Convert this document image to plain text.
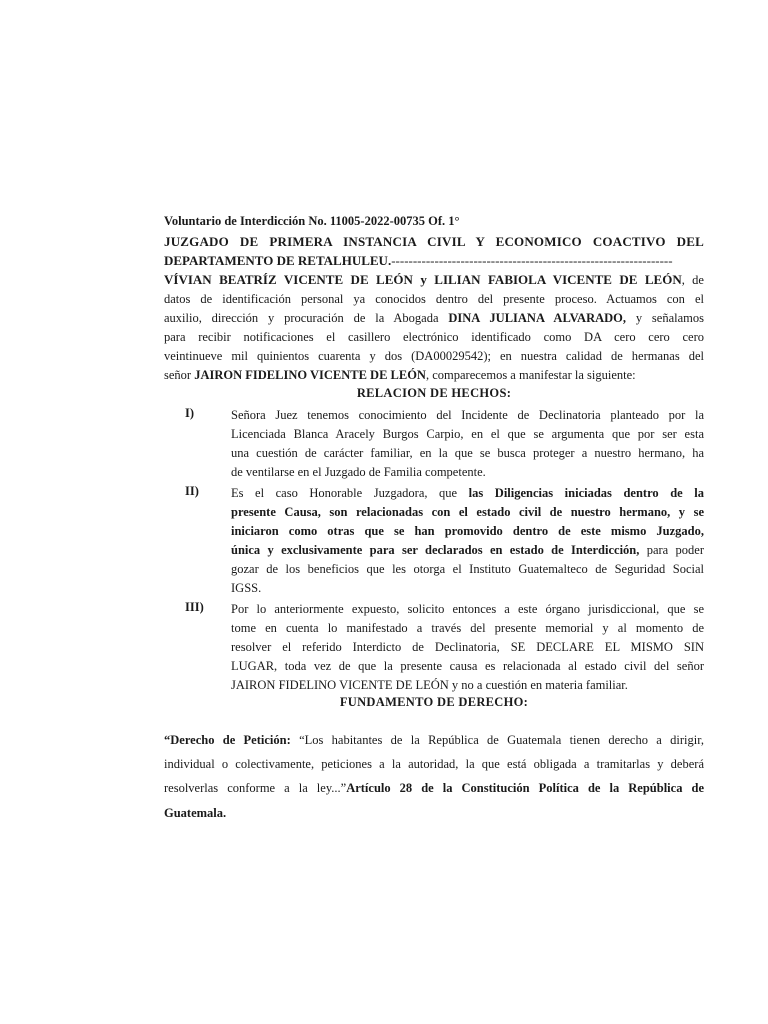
Voluntario de Interdicción No. 11005-2022-00735 Of. 1°
JUZGADO DE PRIMERA INSTANCIA CIVIL Y ECONOMICO COACTIVO DEL
DEPARTAMENTO DE RETALHULEU.-----------------------------------------------------------------
VÍVIAN BEATRÍZ VICENTE DE LEÓN y LILIAN FABIOLA VICENTE DE LEÓN, de
datos de identificación personal ya conocidos dentro del presente proceso. Actuamos con el
auxilio, dirección y procuración de la Abogada DINA JULIANA ALVARADO, y señalamos
para recibir notificaciones el casillero electrónico identificado como DA cero cero cero
veintinueve mil quinientos cuarenta y dos (DA00029542); en nuestra calidad de hermanas del
señor JAIRON FIDELINO VICENTE DE LEÓN, comparecemos a manifestar la siguiente:
RELACION DE HECHOS:
I)	Señora Juez tenemos conocimiento del Incidente de Declinatoria planteado por la
Licenciada Blanca Aracely Burgos Carpio, en el que se argumenta que por ser esta
una cuestión de carácter familiar, en la que se busca proteger a nuestro hermano, ha
de ventilarse en el Juzgado de Familia competente.
II)	Es el caso Honorable Juzgadora, que las Diligencias iniciadas dentro de la
presente Causa, son relacionadas con el estado civil de nuestro hermano, y se
iniciaron como otras que se han promovido dentro de este mismo Juzgado,
única y exclusivamente para ser declarados en estado de Interdicción, para poder
gozar de los beneficios que les otorga el Instituto Guatemalteco de Seguridad Social
IGSS.
III) Por lo anteriormente expuesto, solicito entonces a este órgano jurisdiccional, que se
tome en cuenta lo manifestado a través del presente memorial y al momento de
resolver el referido Interdicto de Declinatoria, SE DECLARE EL MISMO SIN
LUGAR, toda vez de que la presente causa es relacionada al estado civil del señor
JAIRON FIDELINO VICENTE DE LEÓN y no a cuestión en materia familiar.
FUNDAMENTO DE DERECHO:
“Derecho de Petición: “Los habitantes de la República de Guatemala tienen derecho a dirigir,
individual o colectivamente, peticiones a la autoridad, la que está obligada a tramitarlas y deberá
resolverlas conforme a la ley...”Artículo 28 de la Constitución Política de la República de
Guatemala.
